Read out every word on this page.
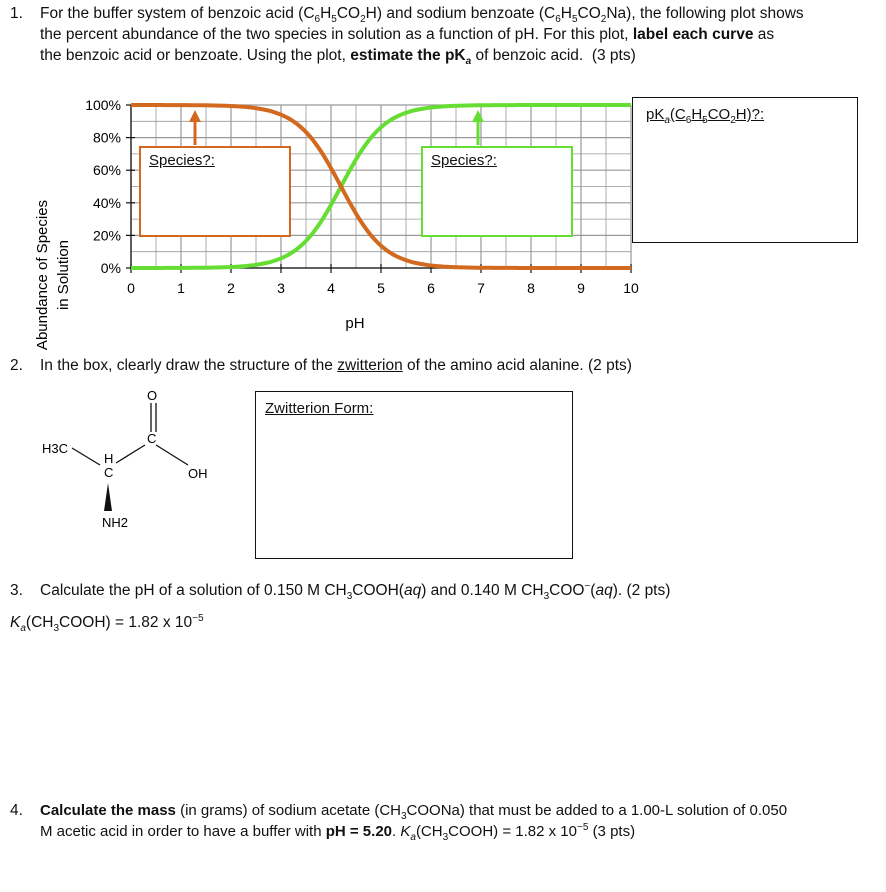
1. For the buffer system of benzoic acid $(C_6H_5CO_2H)$ and sodium benzoate $(C_6H_5CO_2Na)$, the following plot shows
the percent abundance of the two species in solution as a function of pH. For this plot, label each curve as
the benzoic acid or benzoate. Using the plot, estimate the $pK_a$ of benzoic acid. (3 pts)
0	1	2	3	4	5	6	7	8	9	10
0%
20%
40%
60%
80%
100%
pH
Abundance of Species in Solution
Species?:	Species?:
$pK_a(C_6H_5CO_2H)$?:
2. In the box, clearly draw the structure of the zwitterion of the amino acid alanine. (2 pts)
H3C
H
C
C
O
OH
NH2
Zwitterion Form:
3. Calculate the pH of a solution of 0.150 M $CH_3COOH(aq)$ and 0.140 M $CH_3COO^-(aq)$. (2 pts)
$K_a(CH_3COOH) = 1.82$ x $10^{-5}$
4. Calculate the mass (in grams) of sodium acetate $(CH_3COONa)$ that must be added to a 1.00-L solution of 0.050
M acetic acid in order to have a buffer with pH = 5.20. $K_a(CH_3COOH) = 1.82$ x $10^{-5}$ (3 pts)
